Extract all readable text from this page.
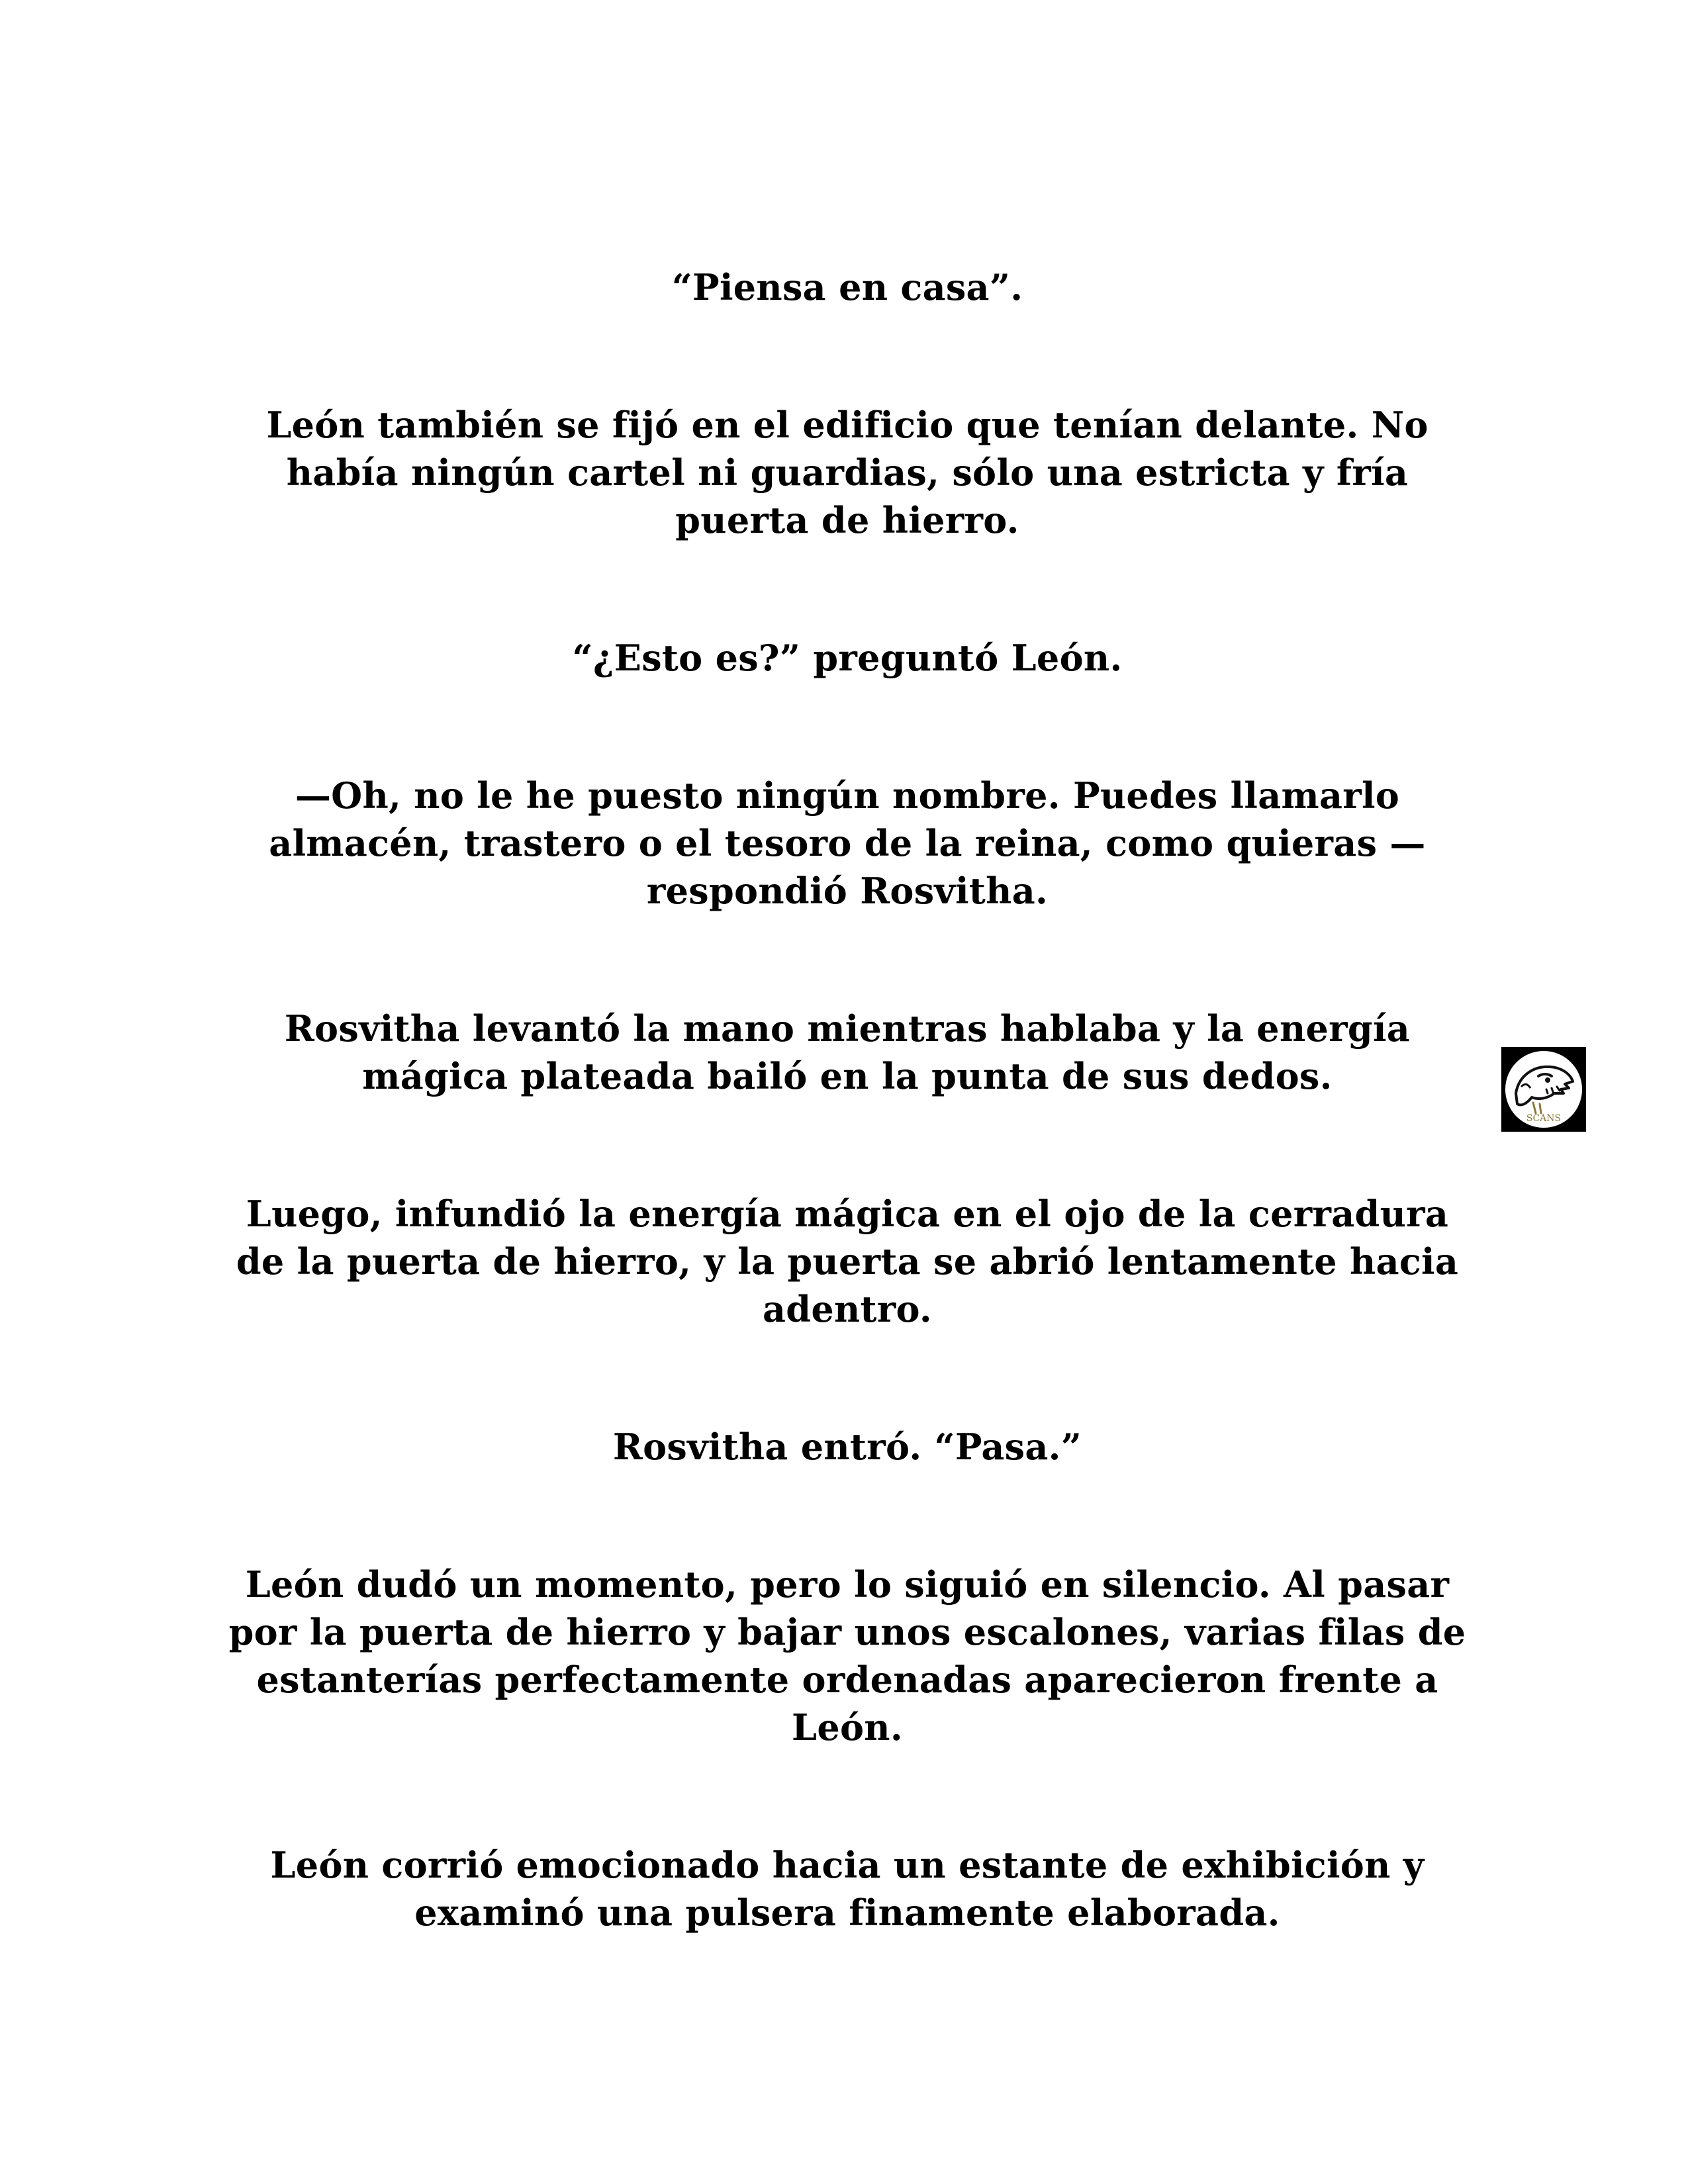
“Piensa en casa”.

León también se fijó en el edificio que tenían delante. No había ningún cartel ni guardias, sólo una estricta y fría puerta de hierro.

“¿Esto es?” preguntó León.

—Oh, no le he puesto ningún nombre. Puedes llamarlo almacén, trastero o el tesoro de la reina, como quieras —respondió Rosvitha.

Rosvitha levantó la mano mientras hablaba y la energía mágica plateada bailó en la punta de sus dedos.

Luego, infundió la energía mágica en el ojo de la cerradura de la puerta de hierro, y la puerta se abrió lentamente hacia adentro.

Rosvitha entró. “Pasa.”

León dudó un momento, pero lo siguió en silencio. Al pasar por la puerta de hierro y bajar unos escalones, varias filas de estanterías perfectamente ordenadas aparecieron frente a León.

León corrió emocionado hacia un estante de exhibición y examinó una pulsera finamente elaborada.

SCANS
